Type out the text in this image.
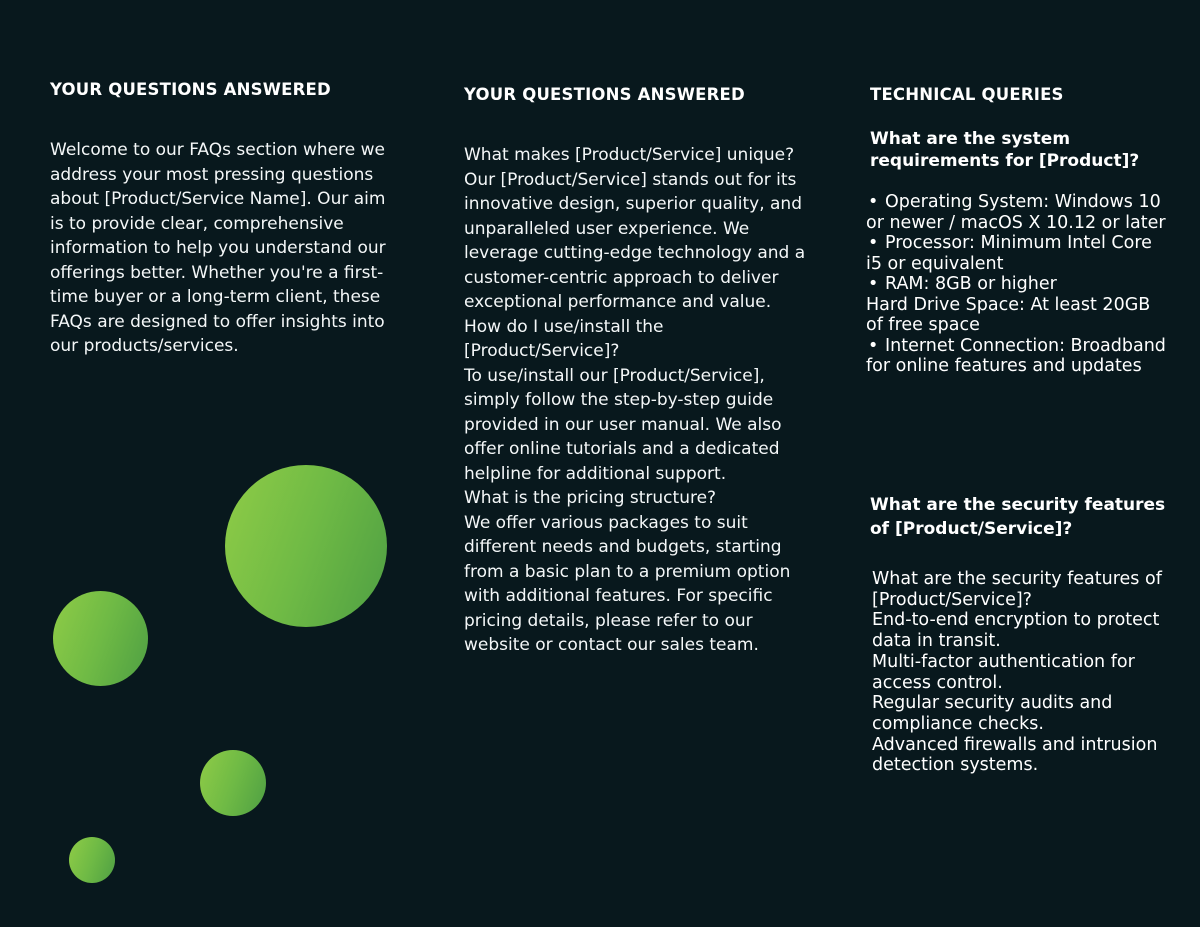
YOUR QUESTIONS ANSWERED

Welcome to our FAQs section where we address your most pressing questions about [Product/Service Name]. Our aim is to provide clear, comprehensive information to help you understand our offerings better. Whether you're a first-time buyer or a long-term client, these FAQs are designed to offer insights into our products/services.

YOUR QUESTIONS ANSWERED
What makes [Product/Service] unique?
Our [Product/Service] stands out for its innovative design, superior quality, and unparalleled user experience. We leverage cutting-edge technology and a customer-centric approach to deliver exceptional performance and value.
How do I use/install the [Product/Service]?
To use/install our [Product/Service], simply follow the step-by-step guide provided in our user manual. We also offer online tutorials and a dedicated helpline for additional support.
What is the pricing structure?
We offer various packages to suit different needs and budgets, starting from a basic plan to a premium option with additional features. For specific pricing details, please refer to our website or contact our sales team.
TECHNICAL QUERIES
What are the system requirements for [Product]?
• Operating System: Windows 10 or newer / macOS X 10.12 or later
• Processor: Minimum Intel Core i5 or equivalent
• RAM: 8GB or higher
Hard Drive Space: At least 20GB of free space
• Internet Connection: Broadband for online features and updates
What are the security features of [Product/Service]?
What are the security features of [Product/Service]?
End-to-end encryption to protect data in transit.
Multi-factor authentication for access control.
Regular security audits and compliance checks.
Advanced firewalls and intrusion detection systems.
